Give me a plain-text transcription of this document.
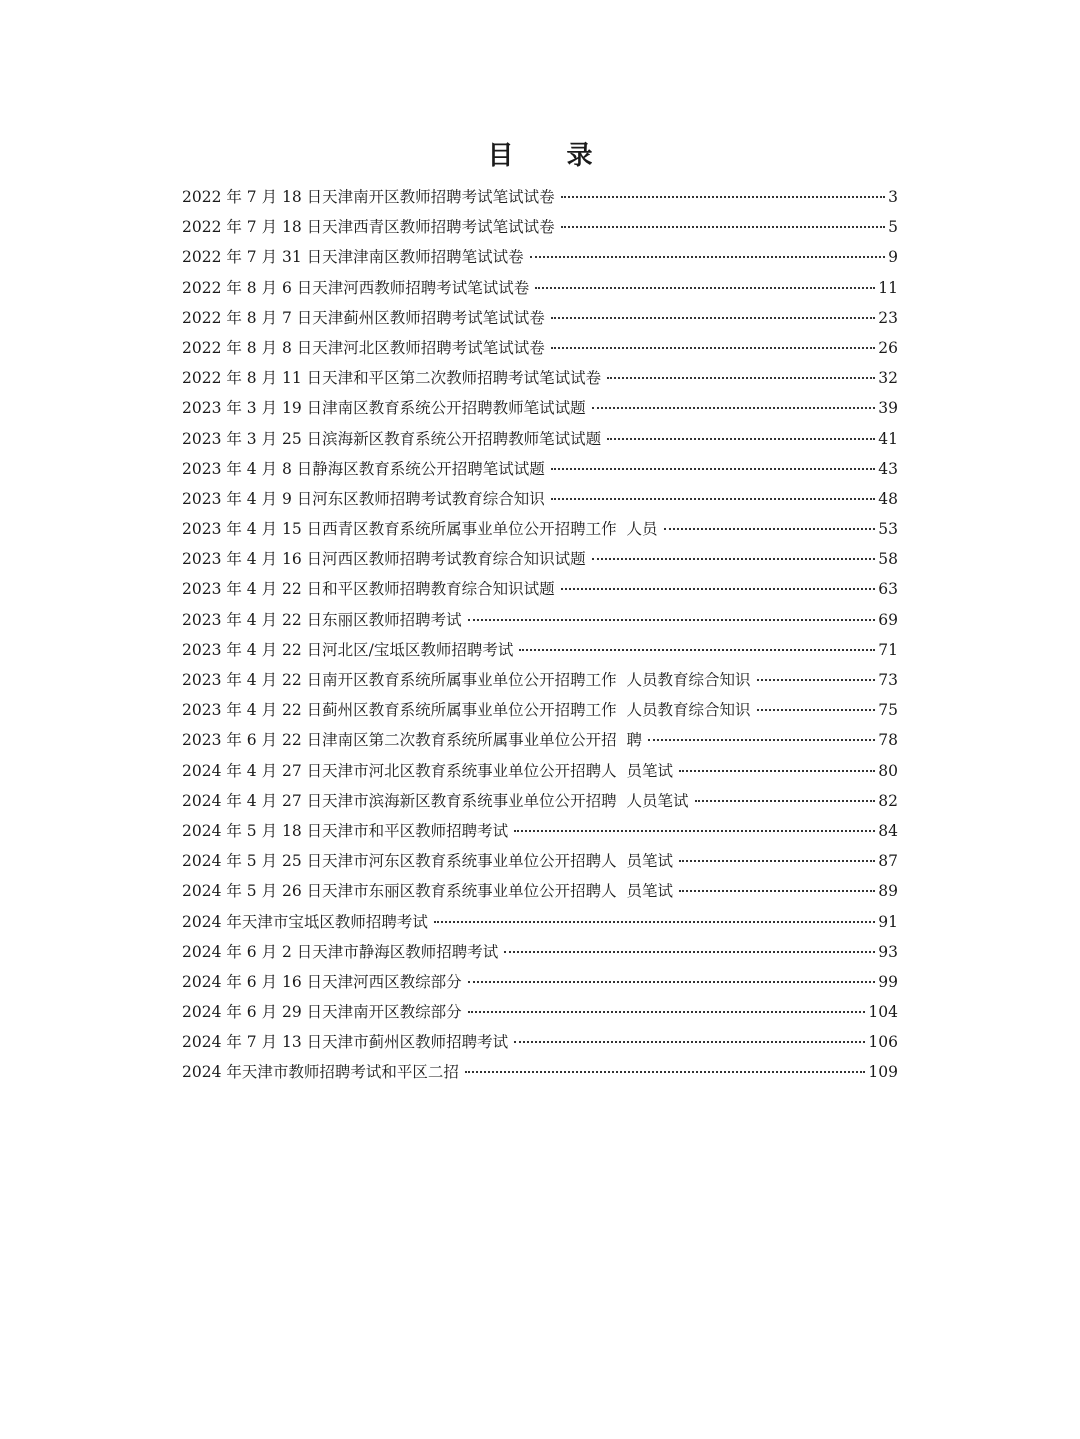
目 录
2022 年 7 月 18 日天津南开区教师招聘考试笔试试卷	3
2022 年 7 月 18 日天津西青区教师招聘考试笔试试卷	5
2022 年 7 月 31 日天津津南区教师招聘笔试试卷	9
2022 年 8 月 6 日天津河西教师招聘考试笔试试卷	11
2022 年 8 月 7 日天津蓟州区教师招聘考试笔试试卷	23
2022 年 8 月 8 日天津河北区教师招聘考试笔试试卷	26
2022 年 8 月 11 日天津和平区第二次教师招聘考试笔试试卷	32
2023 年 3 月 19 日津南区教育系统公开招聘教师笔试试题	39
2023 年 3 月 25 日滨海新区教育系统公开招聘教师笔试试题	41
2023 年 4 月 8 日静海区教育系统公开招聘笔试试题	43
2023 年 4 月 9 日河东区教师招聘考试教育综合知识	48
2023 年 4 月 15 日西青区教育系统所属事业单位公开招聘工作  人员	53
2023 年 4 月 16 日河西区教师招聘考试教育综合知识试题	58
2023 年 4 月 22 日和平区教师招聘教育综合知识试题	63
2023 年 4 月 22 日东丽区教师招聘考试	69
2023 年 4 月 22 日河北区/宝坻区教师招聘考试	71
2023 年 4 月 22 日南开区教育系统所属事业单位公开招聘工作  人员教育综合知识	73
2023 年 4 月 22 日蓟州区教育系统所属事业单位公开招聘工作  人员教育综合知识	75
2023 年 6 月 22 日津南区第二次教育系统所属事业单位公开招  聘	78
2024 年 4 月 27 日天津市河北区教育系统事业单位公开招聘人  员笔试	80
2024 年 4 月 27 日天津市滨海新区教育系统事业单位公开招聘  人员笔试	82
2024 年 5 月 18 日天津市和平区教师招聘考试	84
2024 年 5 月 25 日天津市河东区教育系统事业单位公开招聘人  员笔试	87
2024 年 5 月 26 日天津市东丽区教育系统事业单位公开招聘人  员笔试	89
2024 年天津市宝坻区教师招聘考试	91
2024 年 6 月 2 日天津市静海区教师招聘考试	93
2024 年 6 月 16 日天津河西区教综部分	99
2024 年 6 月 29 日天津南开区教综部分	104
2024 年 7 月 13 日天津市蓟州区教师招聘考试	106
2024 年天津市教师招聘考试和平区二招	109
